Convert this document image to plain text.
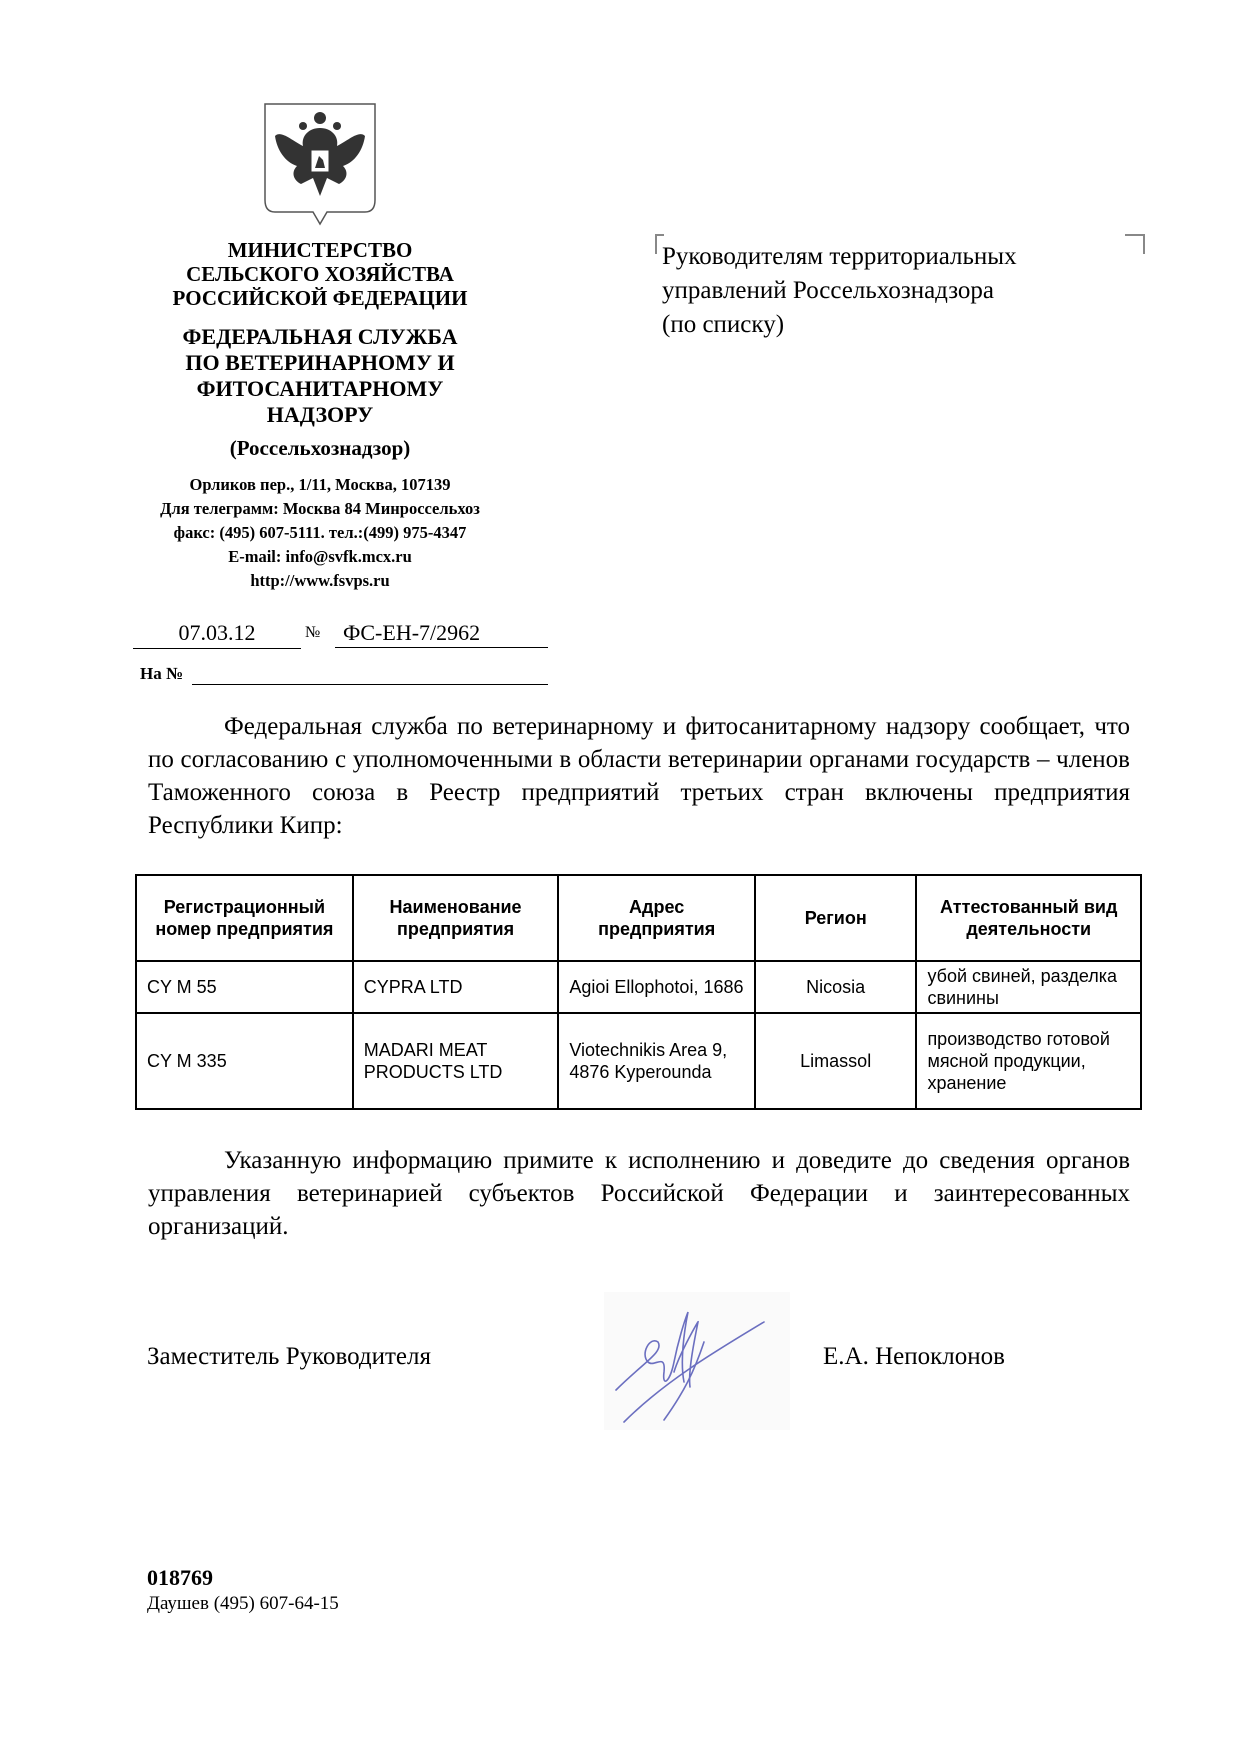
МИНИСТЕРСТВО
СЕЛЬСКОГО ХОЗЯЙСТВА
РОССИЙСКОЙ ФЕДЕРАЦИИ
ФЕДЕРАЛЬНАЯ СЛУЖБА
ПО ВЕТЕРИНАРНОМУ И
ФИТОСАНИТАРНОМУ
НАДЗОРУ
(Россельхознадзор)
Орликов пер., 1/11, Москва, 107139
Для телеграмм: Москва 84 Минроссельхоз
факс: (495) 607-5111. тел.:(499) 975-4347
E-mail: info@svfk.mcx.ru
http://www.fsvps.ru
07.03.12	№	ФС-ЕН-7/2962
На №
Руководителям территориальных
управлений Россельхознадзора
(по списку)

Федеральная служба по ветеринарному и фитосанитарному надзору сообщает, что по согласованию с уполномоченными в области ветеринарии органами государств – членов Таможенного союза в Реестр предприятий третьих стран включены предприятия Республики Кипр:

Регистрационный номер предприятия	Наименование предприятия	Адрес предприятия	Регион	Аттестованный вид деятельности
CY M 55	CYPRA LTD	Agioi Ellophotoi, 1686	Nicosia	убой свиней, разделка свинины
CY M 335	MADARI MEAT PRODUCTS LTD	Viotechnikis Area 9, 4876 Kyperounda	Limassol	производство готовой мясной продукции, хранение

Указанную информацию примите к исполнению и доведите до сведения органов управления ветеринарией субъектов Российской Федерации и заинтересованных организаций.

Заместитель Руководителя	Е.А. Непоклонов
018769
Даушев (495) 607-64-15
